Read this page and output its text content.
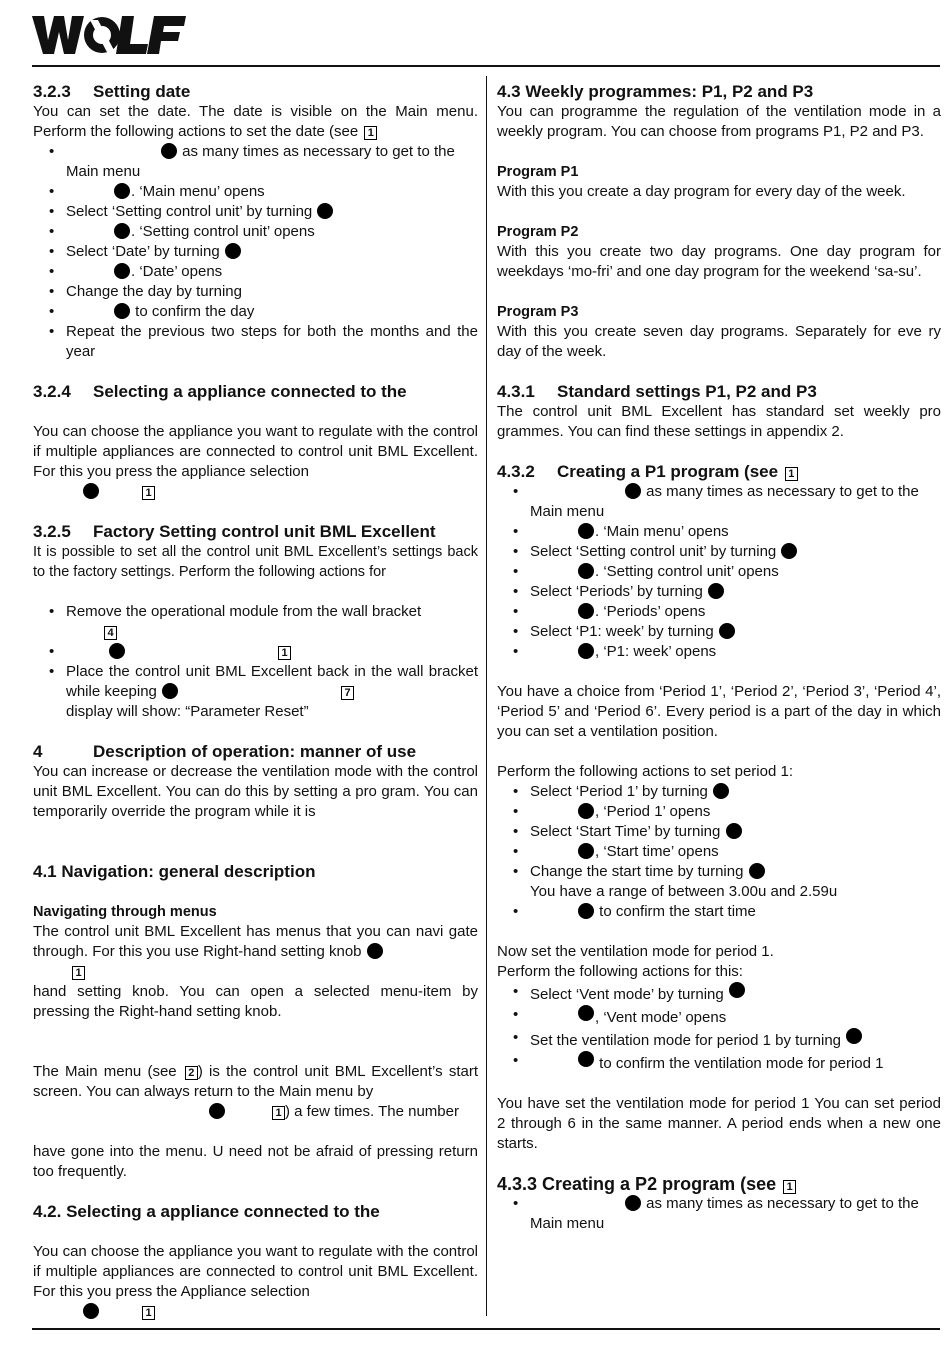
3.2.3 Setting date

You can set the date. The date is visible on the Main menu. Perform the following actions to set the date (see 1

• as many times as necessary to get to the
Main menu
• . ‘Main menu’ opens
• Select ‘Setting control unit’ by turning
• . ‘Setting control unit’ opens
• Select ‘Date’ by turning
• . ‘Date’ opens
• Change the day by turning
• to confirm the day
• Repeat the previous two steps for both the months and the year
3.2.4 Selecting a appliance connected to the

You can choose the appliance you want to regulate with the control if multiple appliances are connected to control unit BML Excellent. For this you press the appliance selection
1

3.2.5 Factory Setting control unit BML Excellent

It is possible to set all the control unit BML Excellent’s settings back to the factory settings. Perform the following actions for

• Remove the operational module from the wall bracket
4
• 1
• Place the control unit BML Excellent back in the wall bracket while keeping	7
display will show: “Parameter Reset”
4	Description of operation: manner of use

You can increase or decrease the ventilation mode with the control unit BML Excellent. You can do this by setting a pro gram. You can temporarily override the program while it is

4.1 Navigation: general description
Navigating through menus

The control unit BML Excellent has menus that you can navi gate through. For this you use Right-hand setting knob
1

hand setting knob. You can open a selected menu-item by pressing the Right-hand setting knob.

The Main menu (see 2 ) is the control unit BML Excellent’s start screen. You can always return to the Main menu by
1 ) a few times. The number

have gone into the menu. U need not be afraid of pressing return too frequently.

4.2. Selecting a appliance connected to the

You can choose the appliance you want to regulate with the control if multiple appliances are connected to control unit BML Excellent. For this you press the Appliance selection
1

4.3 Weekly programmes: P1, P2 and P3

You can programme the regulation of the ventilation mode in a weekly program. You can choose from programs P1, P2 and P3.

Program P1

With this you create a day program for every day of the week.

Program P2

With this you create two day programs. One day program for weekdays ‘mo-fri’ and one day program for the weekend ‘sa-su’.

Program P3

With this you create seven day programs. Separately for eve ry day of the week.

4.3.1 Standard settings P1, P2 and P3

The control unit BML Excellent has standard set weekly pro grammes. You can find these settings in appendix 2.

4.3.2 Creating a P1 program (see 1
• as many times as necessary to get to the
Main menu
• . ‘Main menu’ opens
• Select ‘Setting control unit’ by turning
• . ‘Setting control unit’ opens
• Select ‘Periods’ by turning
• . ‘Periods’ opens
• Select ‘P1: week’ by turning
• , ‘P1: week’ opens

You have a choice from ‘Period 1’, ‘Period 2’, ‘Period 3’, ‘Period 4’, ‘Period 5’ and ‘Period 6’. Every period is a part of the day in which you can set a ventilation position.

Perform the following actions to set period 1:

• Select ‘Period 1’ by turning
• , ‘Period 1’ opens
• Select ‘Start Time’ by turning
• , ‘Start time’ opens
• Change the start time by turning
You have a range of between 3.00u and 2.59u
• to confirm the start time

Now set the ventilation mode for period 1.

Perform the following actions for this:

• Select ‘Vent mode’ by turning
• , ‘Vent mode’ opens
• Set the ventilation mode for period 1 by turning
• to confirm the ventilation mode for period 1

You have set the ventilation mode for period 1 You can set period 2 through 6 in the same manner. A period ends when a new one starts.

4.3.3 Creating a P2 program (see 1
• as many times as necessary to get to the
Main menu
